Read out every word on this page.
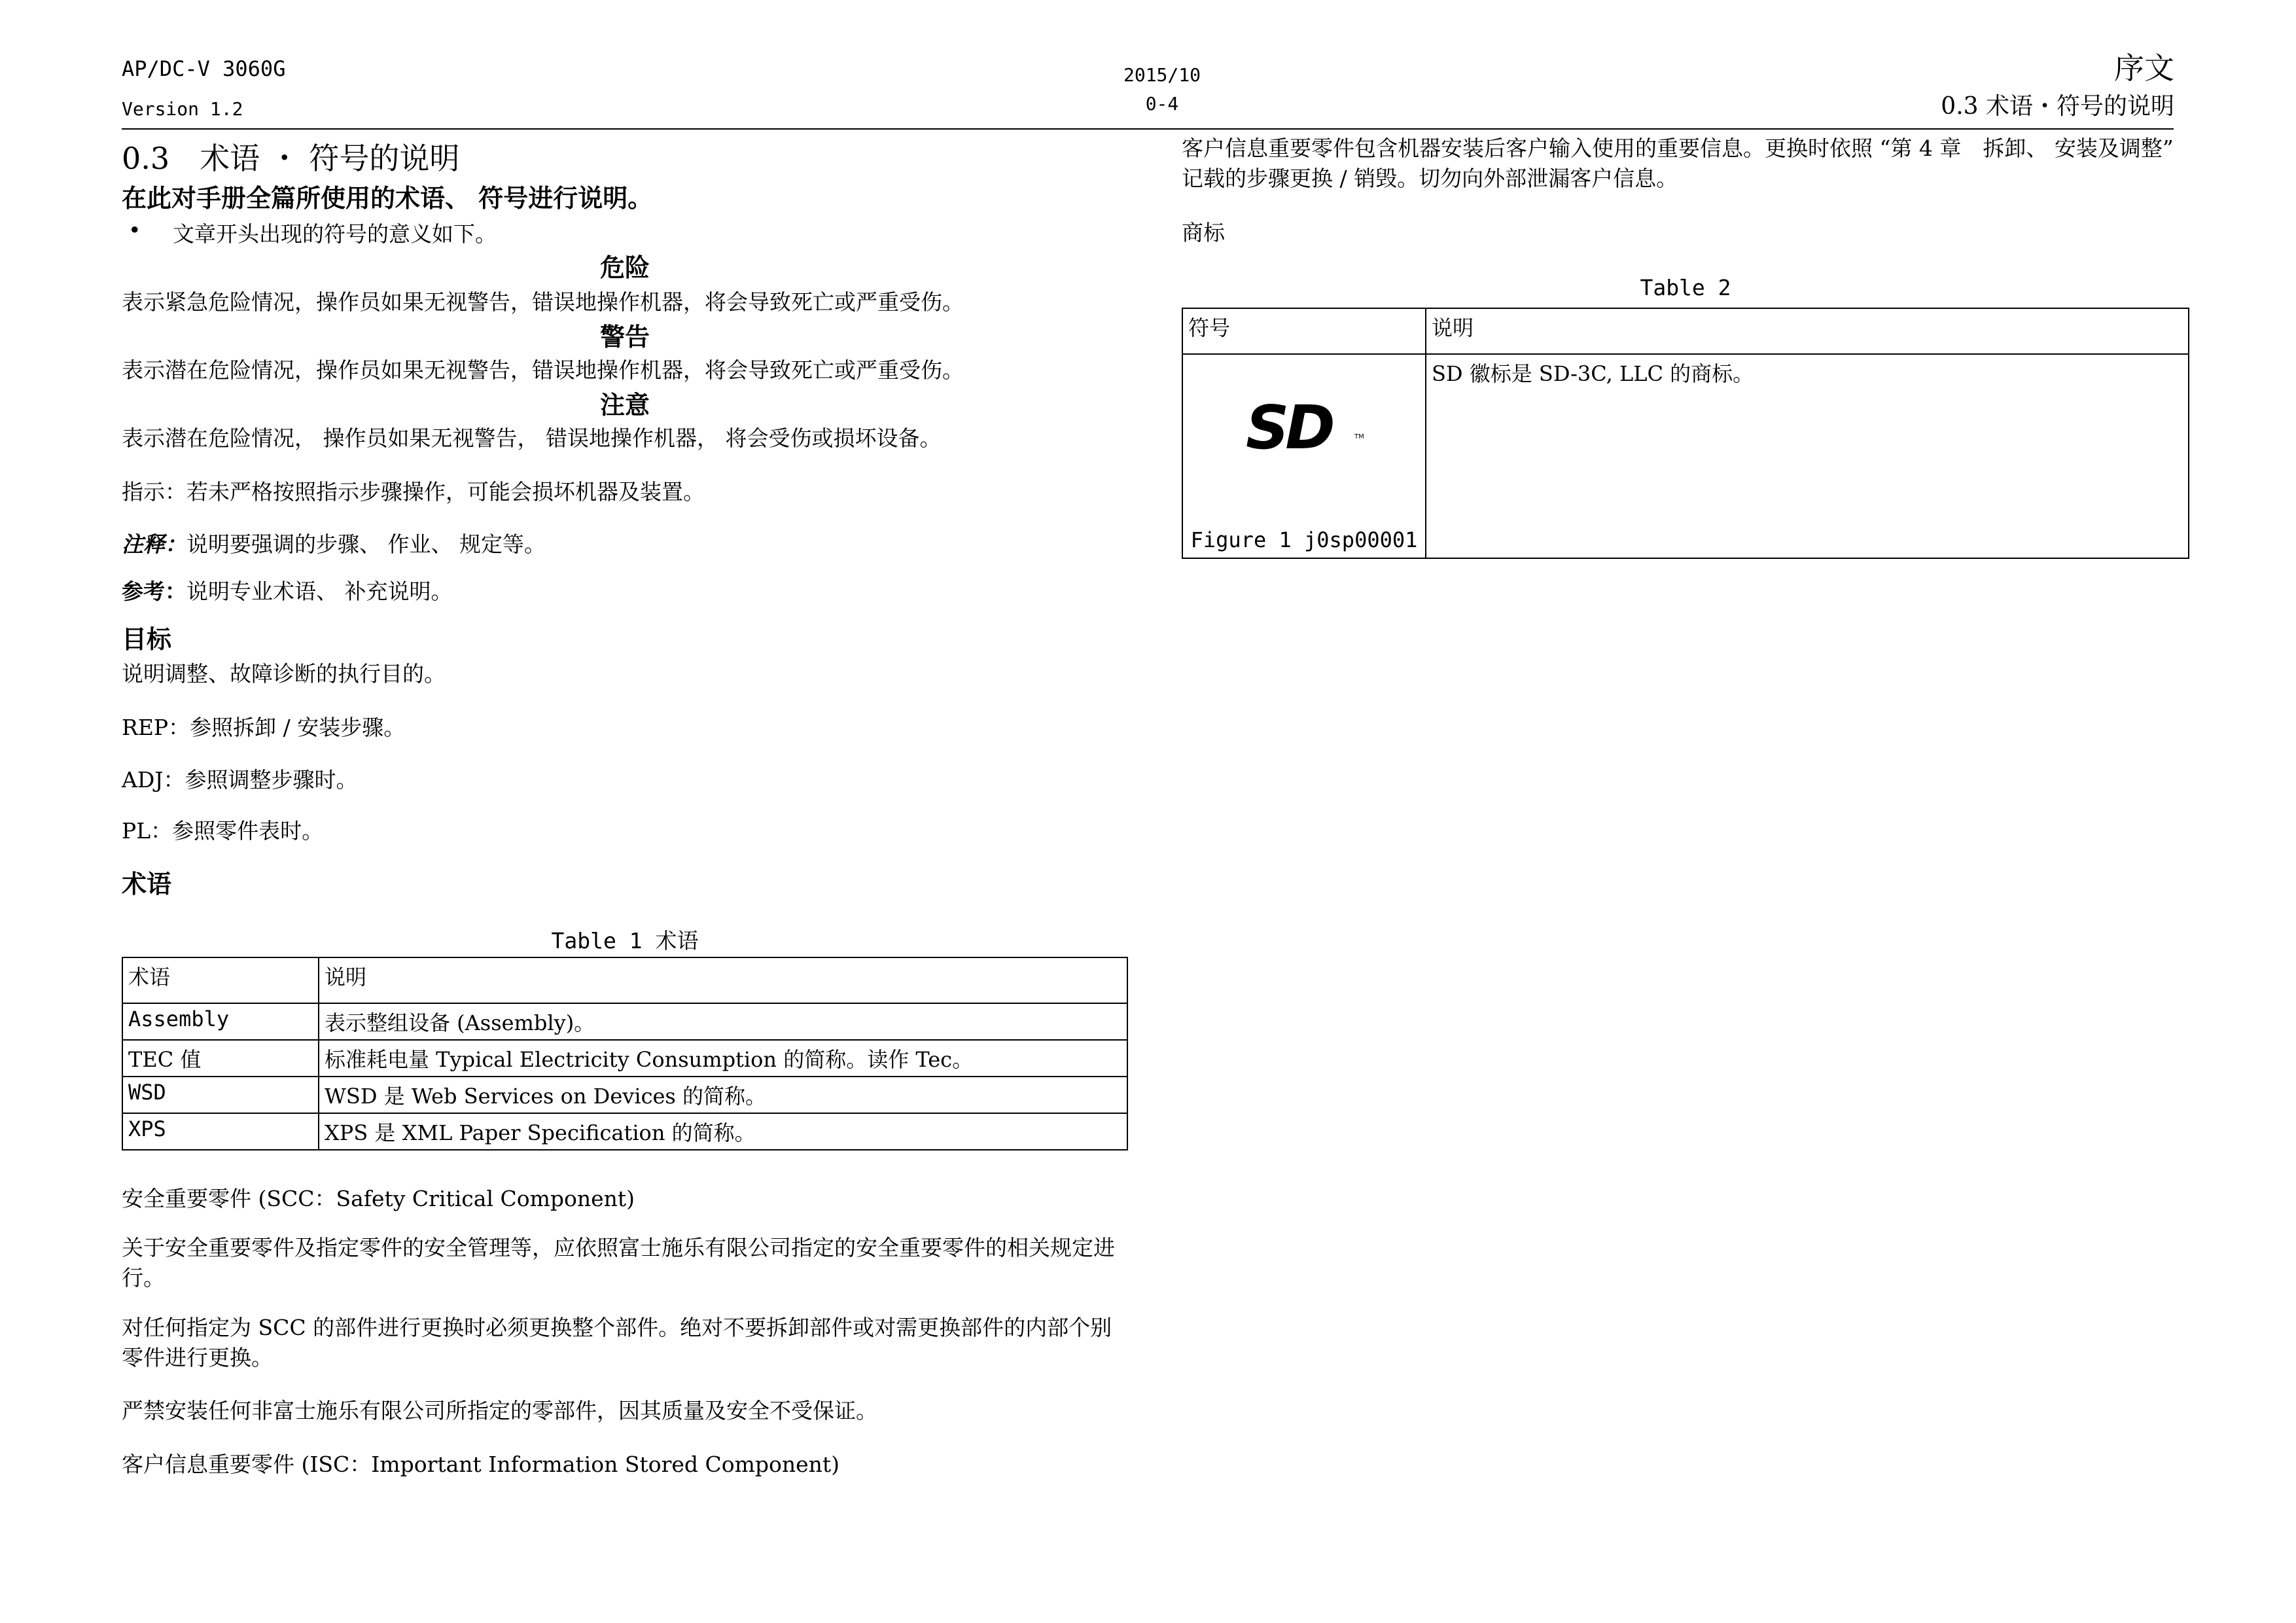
AP/DC-V 3060G
Version 1.2
2015/10
0-4
序文
0.3 术语・符号的说明
0.3　术语 ・ 符号的说明
在此对手册全篇所使用的术语、 符号进行说明。
• 文章开头出现的符号的意义如下。
危险
表示紧急危险情况，操作员如果无视警告，错误地操作机器，将会导致死亡或严重受伤。
警告
表示潜在危险情况，操作员如果无视警告，错误地操作机器，将会导致死亡或严重受伤。
注意
表示潜在危险情况， 操作员如果无视警告， 错误地操作机器， 将会受伤或损坏设备。
指示：若未严格按照指示步骤操作，可能会损坏机器及装置。
注释：说明要强调的步骤、 作业、 规定等。
参考：说明专业术语、 补充说明。
目标
说明调整、故障诊断的执行目的。
REP：参照拆卸 / 安装步骤。
ADJ：参照调整步骤时。
PL：参照零件表时。
术语
Table 1 术语
术语	说明
Assembly	表示整组设备 (Assembly)。
TEC 值	标准耗电量 Typical Electricity Consumption 的简称。读作 Tec。
WSD	WSD 是 Web Services on Devices 的简称。
XPS	XPS 是 XML Paper Specification 的简称。
安全重要零件 (SCC：Safety Critical Component)
关于安全重要零件及指定零件的安全管理等，应依照富士施乐有限公司指定的安全重要零件的相关规定进行。
对任何指定为 SCC 的部件进行更换时必须更换整个部件。绝对不要拆卸部件或对需更换部件的内部个别零件进行更换。
严禁安装任何非富士施乐有限公司所指定的零部件，因其质量及安全不受保证。
客户信息重要零件 (ISC：Important Information Stored Component)
客户信息重要零件包含机器安装后客户输入使用的重要信息。更换时依照 “第 4 章　拆卸、 安装及调整” 记载的步骤更换 / 销毁。切勿向外部泄漏客户信息。
商标
Table 2
符号	说明

SD TM
Figure 1 j0sp00001	SD 徽标是 SD-3C, LLC 的商标。
